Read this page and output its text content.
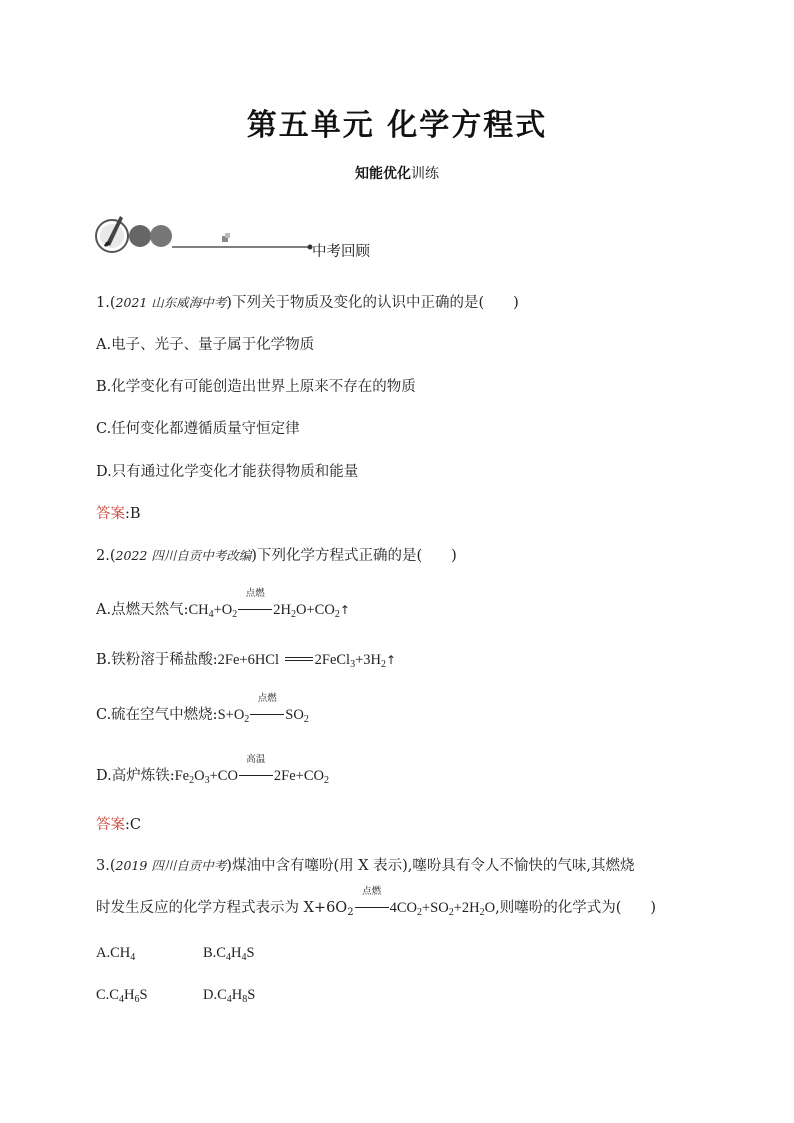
第五单元 化学方程式
知能优化训练
中考回顾
1.(2021 山东威海中考)下列关于物质及变化的认识中正确的是(　　)
A.电子、光子、量子属于化学物质
B.化学变化有可能创造出世界上原来不存在的物质
C.任何变化都遵循质量守恒定律
D.只有通过化学变化才能获得物质和能量
答案:B
2.(2022 四川自贡中考改编)下列化学方程式正确的是(　　)
A.点燃天然气$:CH_4+O_2$
点燃
$2H_2O+CO_2↑$
B.铁粉溶于稀盐酸:2Fe+6HCl $2FeCl_3+3H_2↑$
C.硫在空气中燃烧$:S+O_2$
点燃
$SO_2$
D.高炉炼铁$:Fe_2O_3+CO$
高温
$2Fe+CO_2$
答案:C
3.(2019 四川自贡中考)煤油中含有噻吩(用 X 表示),噻吩具有令人不愉快的气味,其燃烧
时发生反应的化学方程式表示为 $X+6O_2$
点燃
$4CO_2+SO_2+2H_2O$,则噻吩的化学式为(　　)
$A.CH_4$	$B.C_4H_4S$
$C.C_4H_6S$	$D.C_4H_8S$
